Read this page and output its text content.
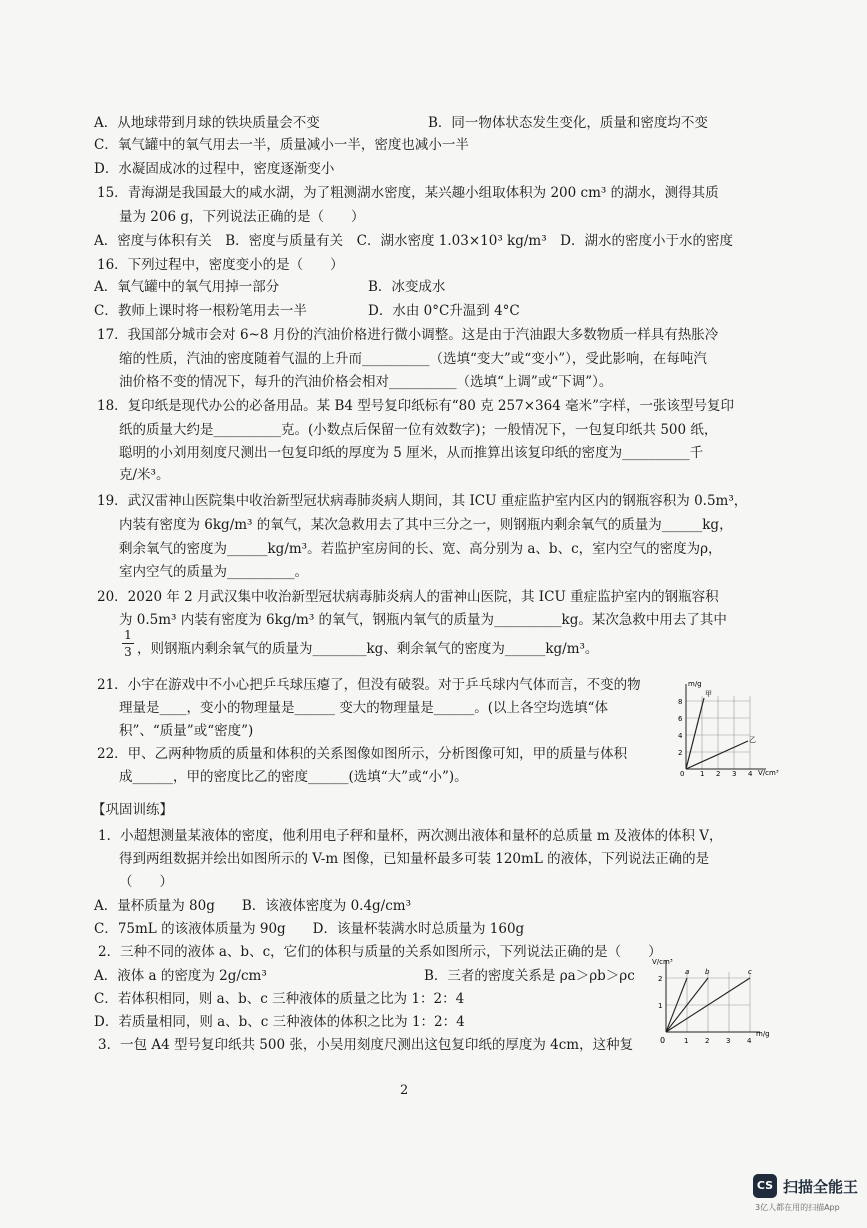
A．从地球带到月球的铁块质量会不变	B．同一物体状态发生变化，质量和密度均不变
C．氧气罐中的氧气用去一半，质量减小一半，密度也减小一半
D．水凝固成冰的过程中，密度逐渐变小
15．青海湖是我国最大的咸水湖，为了粗测湖水密度，某兴趣小组取体积为 200 cm³ 的湖水，测得其质
量为 206 g，下列说法正确的是（　　）
A．密度与体积有关　B．密度与质量有关　C．湖水密度 1.03×10³ kg/m³　D．湖水的密度小于水的密度
16．下列过程中，密度变小的是（　　）
A．氧气罐中的氧气用掉一部分	B．冰变成水
C．教师上课时将一根粉笔用去一半	D．水由 0°C升温到 4°C
17．我国部分城市会对 6~8 月份的汽油价格进行微小调整。这是由于汽油跟大多数物质一样具有热胀冷
缩的性质，汽油的密度随着气温的上升而__________（选填“变大”或“变小”），受此影响，在每吨汽
油价格不变的情况下，每升的汽油价格会相对__________（选填“上调”或“下调”）。
18．复印纸是现代办公的必备用品。某 B4 型号复印纸标有“80 克 257×364 毫米”字样，一张该型号复印
纸的质量大约是__________克。(小数点后保留一位有效数字)；一般情况下，一包复印纸共 500 纸，
聪明的小刘用刻度尺测出一包复印纸的厚度为 5 厘米，从而推算出该复印纸的密度为__________千
克/米³。
19．武汉雷神山医院集中收治新型冠状病毒肺炎病人期间，其 ICU 重症监护室内区内的钢瓶容积为 0.5m³，
内装有密度为 6kg/m³ 的氧气，某次急救用去了其中三分之一，则钢瓶内剩余氧气的质量为______kg，
剩余氧气的密度为______kg/m³。若监护室房间的长、宽、高分别为 a、b、c，室内空气的密度为ρ，
室内空气的质量为__________。
20．2020 年 2 月武汉集中收治新型冠状病毒肺炎病人的雷神山医院，其 ICU 重症监护室内的钢瓶容积
为 0.5m³ 内装有密度为 6kg/m³ 的氧气，钢瓶内氧气的质量为__________kg。某次急救中用去了其中
，则钢瓶内剩余氧气的质量为________kg、剩余氧气的密度为______kg/m³。
21．小宇在游戏中不小心把乒乓球压瘪了，但没有破裂。对于乒乓球内气体而言，不变的物
理量是____，变小的物理量是______ 变大的物理量是______。(以上各空均选填“体
积”、“质量”或“密度”)
22．甲、乙两种物质的质量和体积的关系图像如图所示，分析图像可知，甲的质量与体积
成______，甲的密度比乙的密度______(选填“大”或“小”)。
【巩固训练】
1．小超想测量某液体的密度，他利用电子秤和量杯，两次测出液体和量杯的总质量 m 及液体的体积 V，
得到两组数据并绘出如图所示的 V-m 图像，已知量杯最多可装 120mL 的液体，下列说法正确的是
（　　）
A．量杯质量为 80g　　B．该液体密度为 0.4g/cm³
C．75mL 的该液体质量为 90g　　D．该量杯装满水时总质量为 160g
2．三种不同的液体 a、b、c，它们的体积与质量的关系如图所示，下列说法正确的是（　　）
A．液体 a 的密度为 2g/cm³	B．三者的密度关系是 ρa＞ρb＞ρc
C．若体积相同，则 a、b、c 三种液体的质量之比为 1：2：4
D．若质量相同，则 a、b、c 三种液体的体积之比为 1：2：4
3．一包 A4 型号复印纸共 500 张，小吴用刻度尺测出这包复印纸的厚度为 4cm，这种复
1
3
m/g
V/cm³
2
4
6
8
0 1 2 3 4
甲
乙
V/cm³
m/g
1
2
0	1 2 3 4
a b	c
2
CS 扫描全能王
3亿人都在用的扫描App
